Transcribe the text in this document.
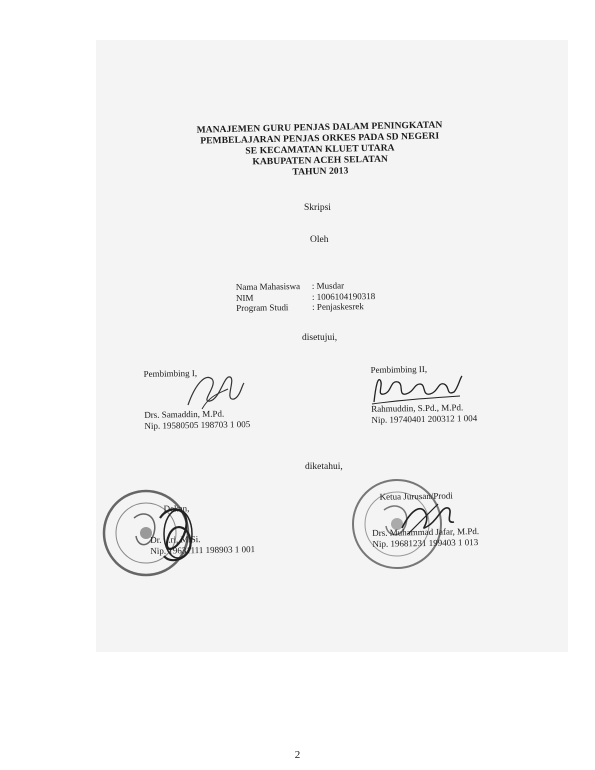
MANAJEMEN GURU PENJAS DALAM PENINGKATAN
PEMBELAJARAN PENJAS ORKES PADA SD NEGERI
SE KECAMATAN KLUET UTARA
KABUPATEN ACEH SELATAN
TAHUN 2013
Skripsi
Oleh
Nama Mahasiswa	: Musdar
NIM	: 1006104190318
Program Studi	: Penjaskesrek
disetujui,
Pembimbing I,
Drs. Samaddin, M.Pd.
Nip. 19580505 198703 1 005
Pembimbing II,
Rahmuddin, S.Pd., M.Pd.
Nip. 19740401 200312 1 004
diketahui,
Dekan,
Dr. ...ri, M.Si.
Nip. 19631111 198903 1 001
Ketua Jurusan/Prodi
Drs. Muhammad Jafar, M.Pd.
Nip. 19681231 199403 1 013
2
